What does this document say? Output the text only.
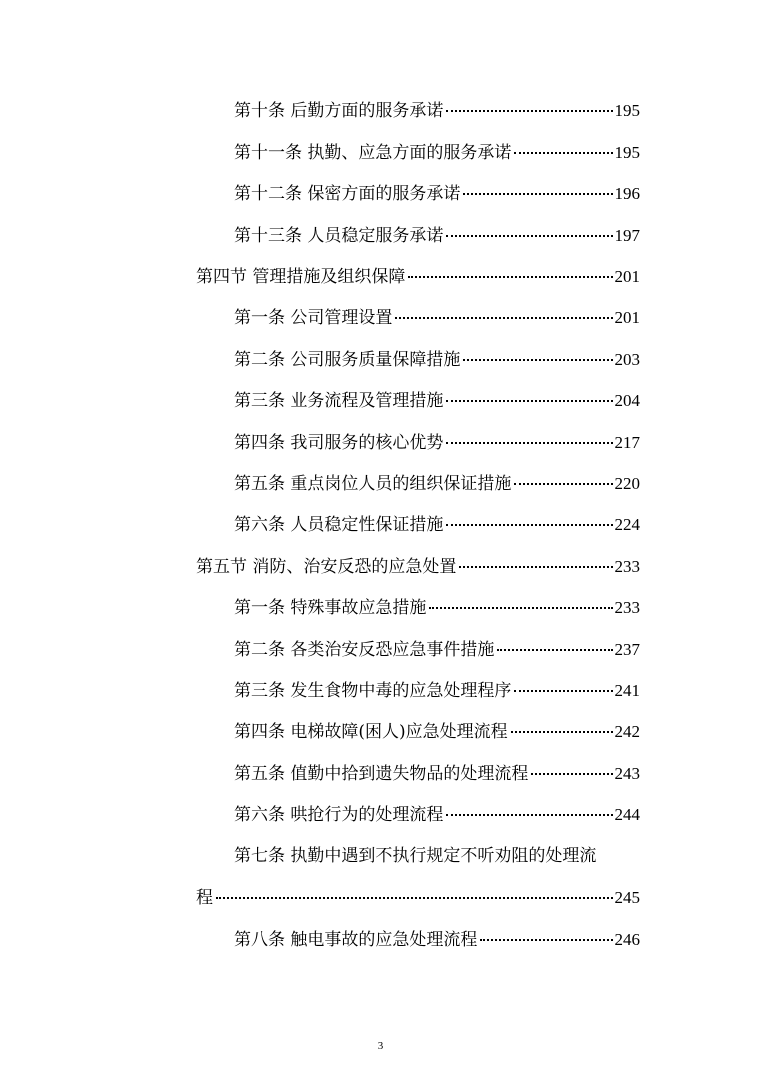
第十条 后勤方面的服务承诺	195
第十一条 执勤、应急方面的服务承诺	195
第十二条 保密方面的服务承诺	196
第十三条 人员稳定服务承诺	197
第四节 管理措施及组织保障	201
第一条 公司管理设置	201
第二条 公司服务质量保障措施	203
第三条 业务流程及管理措施	204
第四条 我司服务的核心优势	217
第五条 重点岗位人员的组织保证措施	220
第六条 人员稳定性保证措施	224
第五节 消防、治安反恐的应急处置	233
第一条 特殊事故应急措施	233
第二条 各类治安反恐应急事件措施	237
第三条 发生食物中毒的应急处理程序	241
第四条 电梯故障(困人)应急处理流程	242
第五条 值勤中拾到遗失物品的处理流程	243
第六条 哄抢行为的处理流程	244
第七条 执勤中遇到不执行规定不听劝阻的处理流
程	245
第八条 触电事故的应急处理流程	246
3
